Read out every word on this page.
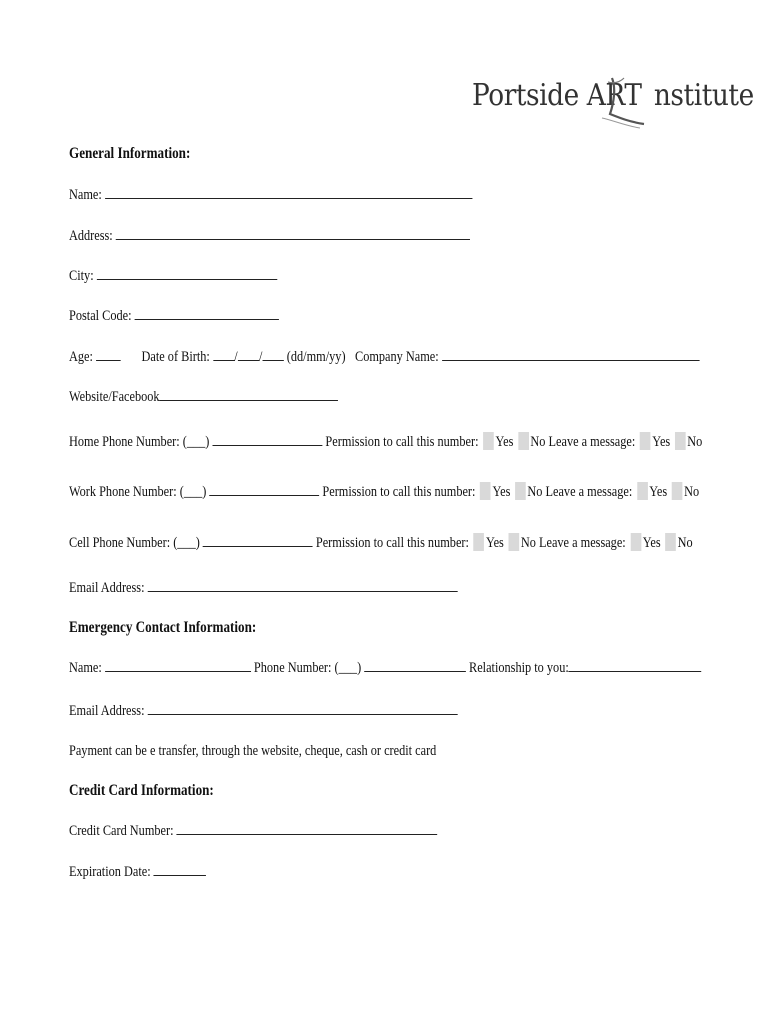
Portside ART nstitute
General Information:
Name:
Address:
City:
Postal Code:
Age:	Date of Birth: / / (dd/mm/yy) Company Name:
Website/Facebook
Home Phone Number: (___)	Permission to call this number: Yes No Leave a message: Yes No
Work Phone Number: (___)	Permission to call this number: Yes No Leave a message: Yes No
Cell Phone Number: (___)	Permission to call this number: Yes No Leave a message: Yes No
Email Address:
Emergency Contact Information:
Name:	Phone Number: (___)	Relationship to you:
Email Address:
Payment can be e transfer, through the website, cheque, cash or credit card
Credit Card Information:
Credit Card Number:
Expiration Date:
